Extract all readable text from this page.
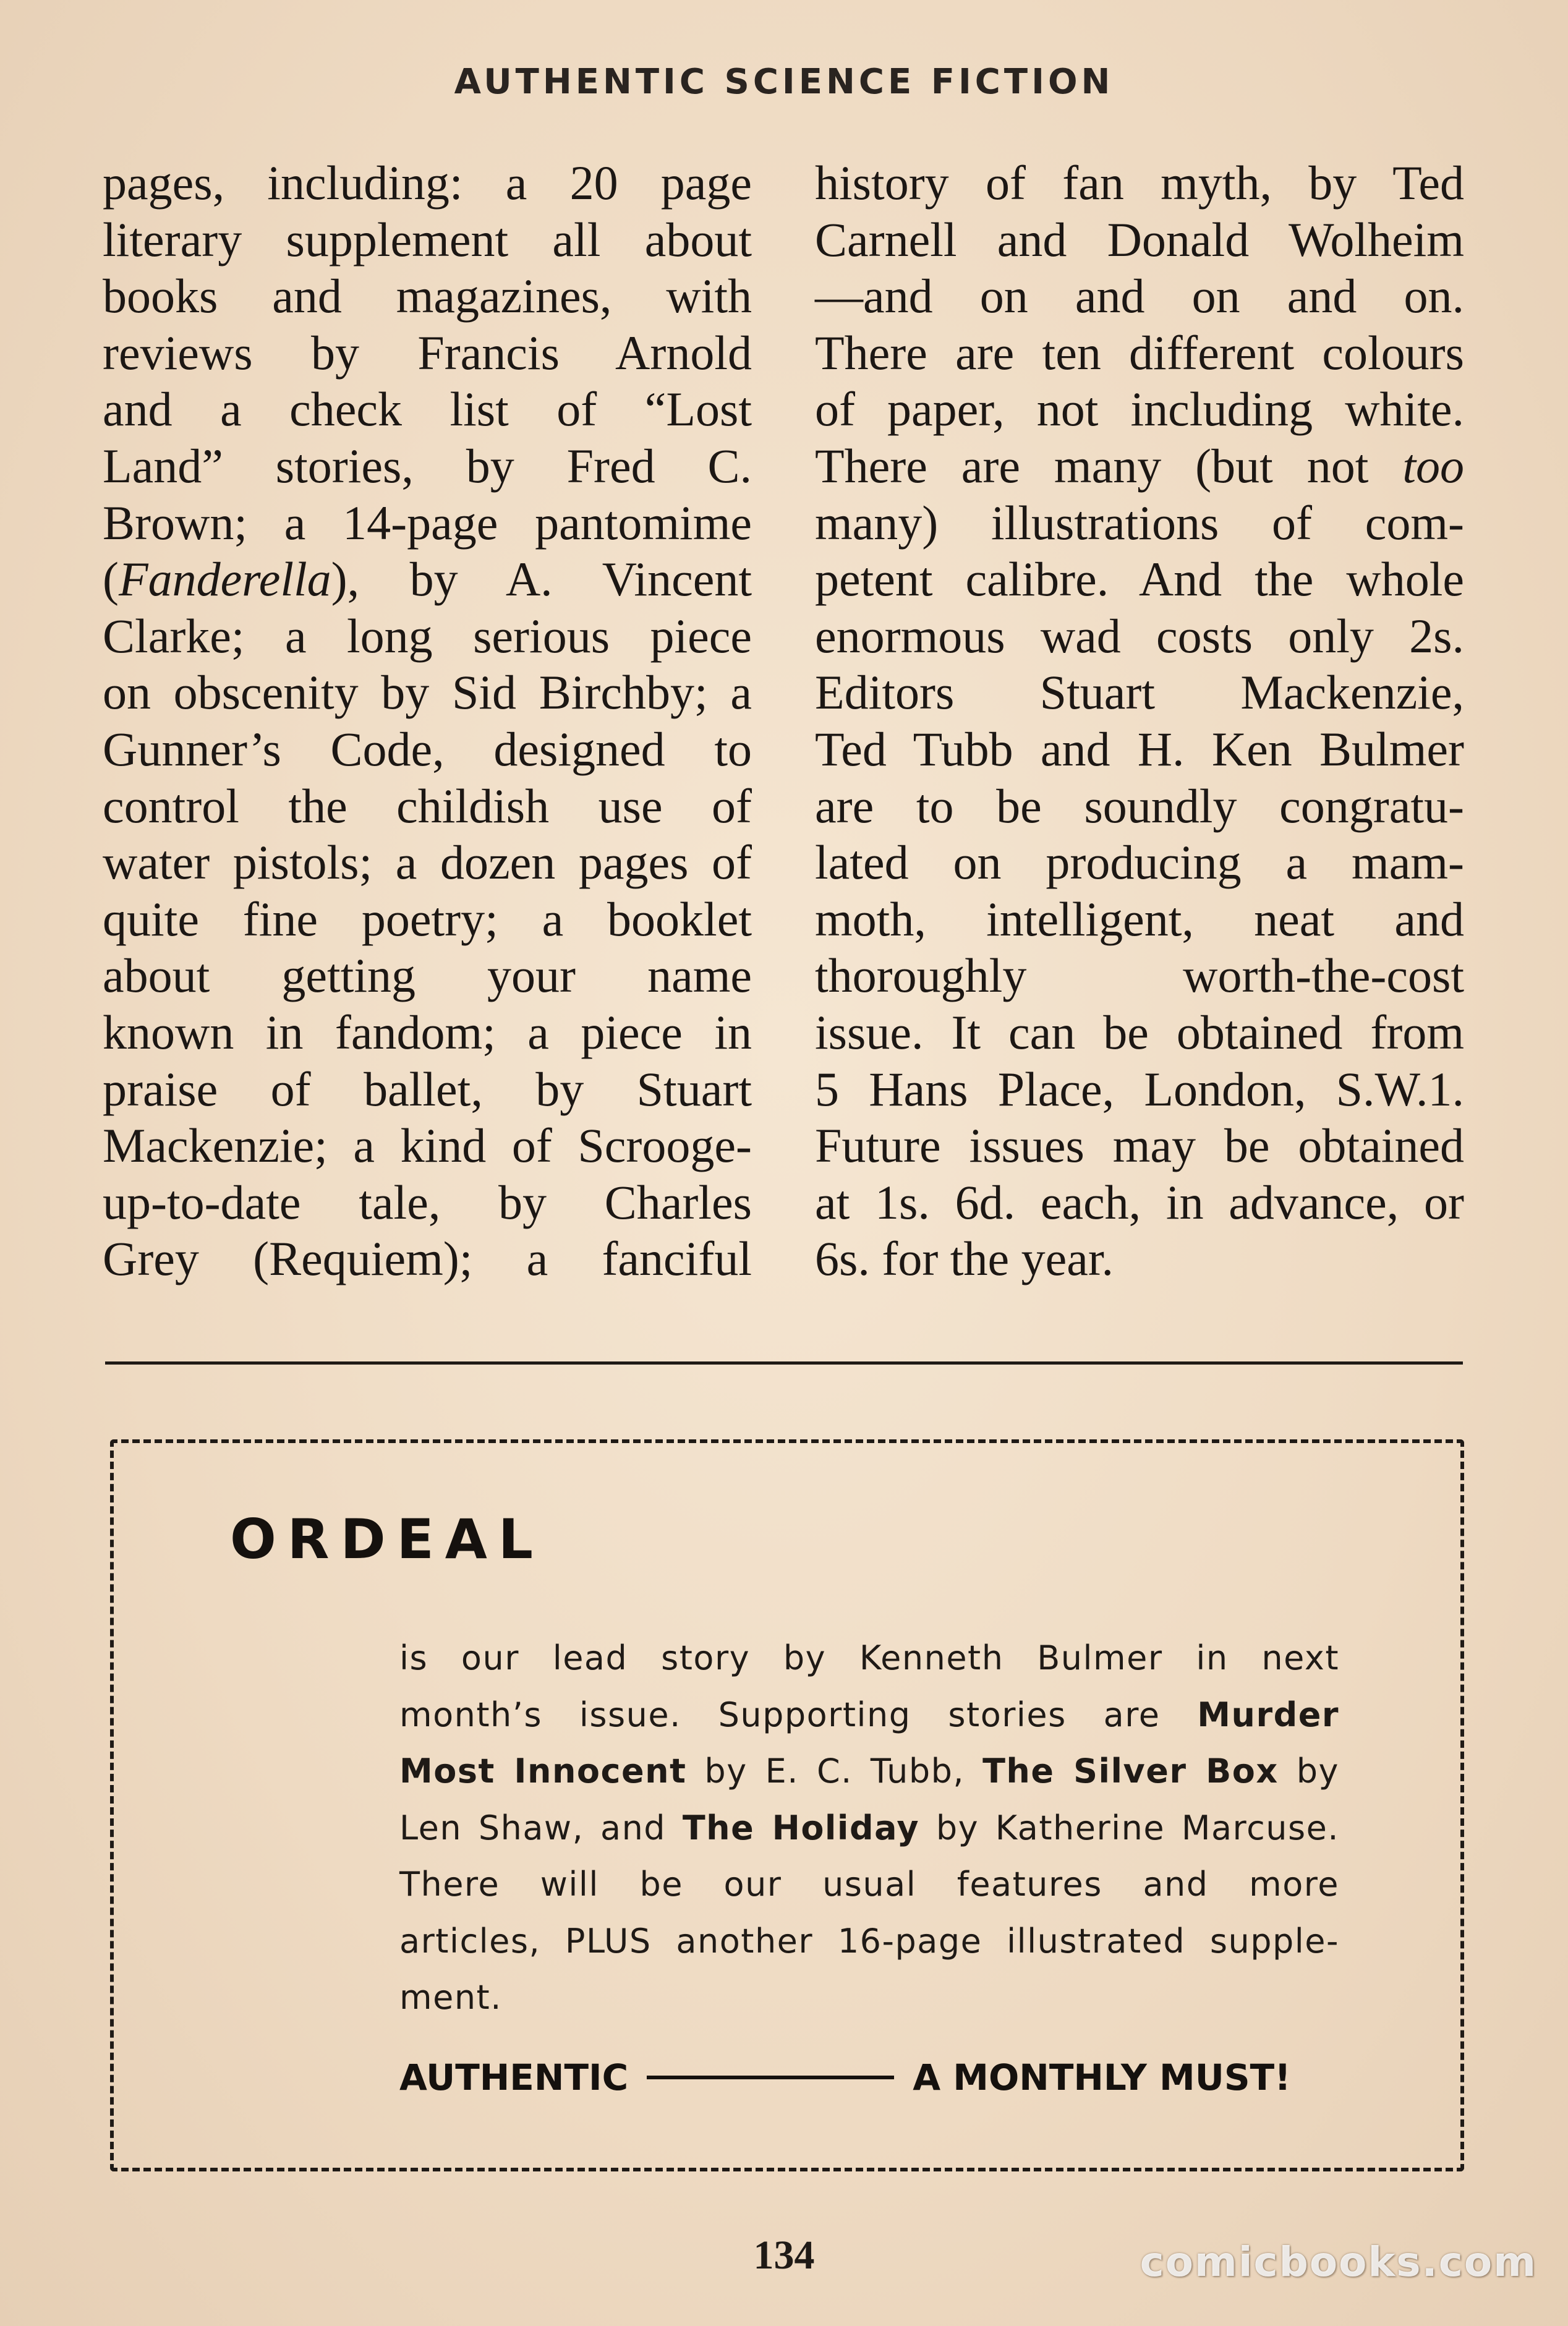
AUTHENTIC SCIENCE FICTION
pages, including: a 20 page
literary supplement all about
books and magazines, with
reviews by Francis Arnold
and a check list of “Lost
Land” stories, by Fred C.
Brown; a 14-page pantomime
(Fanderella), by A. Vincent
Clarke; a long serious piece
on obscenity by Sid Birchby; a
Gunner’s Code, designed to
control the childish use of
water pistols; a dozen pages of
quite fine poetry; a booklet
about getting your name
known in fandom; a piece in
praise of ballet, by Stuart
Mackenzie; a kind of Scrooge-
up-to-date tale, by Charles
Grey (Requiem); a fanciful
history of fan myth, by Ted
Carnell and Donald Wolheim
—and on and on and on.
There are ten different colours
of paper, not including white.
There are many (but not too
many) illustrations of com-
petent calibre. And the whole
enormous wad costs only 2s.
Editors Stuart Mackenzie,
Ted Tubb and H. Ken Bulmer
are to be soundly congratu-
lated on producing a mam-
moth, intelligent, neat and
thoroughly worth-the-cost
issue. It can be obtained from
5 Hans Place, London, S.W.1.
Future issues may be obtained
at 1s. 6d. each, in advance, or
6s. for the year.
ORDEAL
is our lead story by Kenneth Bulmer in next
month’s issue. Supporting stories are Murder
Most Innocent by E. C. Tubb, The Silver Box by
Len Shaw, and The Holiday by Katherine Marcuse.
There will be our usual features and more
articles, PLUS another 16-page illustrated supple-
ment.
AUTHENTIC	A MONTHLY MUST!
134	comicbooks.com
